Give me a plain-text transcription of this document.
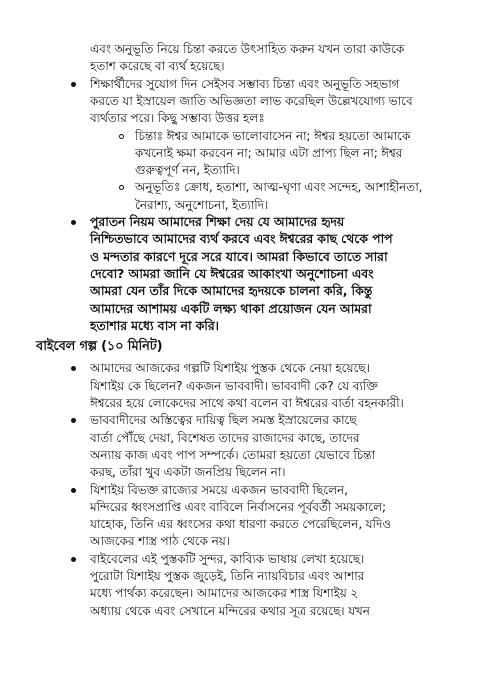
এবং অনুভূতি নিয়ে চিন্তা করতে উৎসাহিত করুন যখন তারা কাউকে
হতাশ করেছে বা ব্যর্থ হয়েছে।
শিক্ষার্থীদের সুযোগ দিন সেইসব সম্ভাব্য চিন্তা এবং অনুভূতি সহভাগ
করতে যা ইস্রায়েল জাতি অভিজ্ঞতা লাভ করেছিল উল্লেখযোগ্য ভাবে
ব্যর্থতার পরে। কিছু সম্ভাব্য উত্তর হলঃ
চিন্তাঃ ঈশ্বর আমাকে ভালোবাসেন না; ঈশ্বর হয়তো আমাকে
কখনোই ক্ষমা করবেন না; আমার এটা প্রাপ্য ছিল না; ঈশ্বর
গুরুত্বপূর্ণ নন, ইত্যাদি।
অনুভূতিঃ ক্রোধ, হতাশা, আত্ম-ঘৃণা এবং সন্দেহ, আশাহীনতা,
নৈরাশ্য, অনুশোচনা, ইত্যাদি।
পুরাতন নিয়ম আমাদের শিক্ষা দেয় যে আমাদের হৃদয়
নিশ্চিতভাবে আমাদের ব্যর্থ করবে এবং ঈশ্বরের কাছ থেকে পাপ
ও মন্দতার কারণে দূরে সরে যাবে। আমরা কিভাবে তাতে সারা
দেবো? আমরা জানি যে ঈশ্বরের আকাংখা অনুশোচনা এবং
আমরা যেন তাঁর দিকে আমাদের হৃদয়কে চালনা করি, কিন্তু
আমাদের আশাময় একটি লক্ষ্য থাকা প্রয়োজন যেন আমরা
হতাশার মধ্যে বাস না করি।
বাইবেল গল্প (১০ মিনিট)
আমাদের আজকের গল্পটি যিশাইয় পুস্তক থেকে নেয়া হয়েছে।
যিশাইয় কে ছিলেন? একজন ভাববাদী। ভাববাদী কে? যে ব্যক্তি
ঈশ্বরের হয়ে লোকেদের সাথে কথা বলেন বা ঈশ্বরের বার্তা বহনকারী।
ভাববাদীদের অস্তিত্বের দায়িত্ব ছিল সমস্ত ইস্রায়েলের কাছে
বার্তা পৌঁছে দেয়া, বিশেষত তাদের রাজাদের কাছে, তাদের
অন্যায় কাজ এবং পাপ সম্পর্কে। তোমরা হয়তো যেভাবে চিন্তা
করছ, তাঁরা খুব একটা জনপ্রিয় ছিলেন না।
যিশাইয় বিভক্ত রাজ্যের সময়ে একজন ভাববাদী ছিলেন,
মন্দিরের ধ্বংসপ্রাপ্তি এবং বাবিলে নির্বাসনের পূর্ববর্তী সময়কালে;
যাহোক, তিনি এর ধ্বংসের কথা ধারণা করতে পেরেছিলেন, যদিও
আজকের শাস্ত্র পাঠ থেকে নয়।
বাইবেলের এই পুস্তকটি সুন্দর, কাব্যিক ভাষায় লেখা হয়েছে।
পুরোটা যিশাইয় পুস্তক জুড়েই, তিনি ন্যায়বিচার এবং আশার
মধ্যে পার্থক্য করেছেন। আমাদের আজকের শাস্ত্র যিশাইয় ২
অধ্যায় থেকে এবং সেখানে মন্দিরের কথার সূত্র রয়েছে। যখন
